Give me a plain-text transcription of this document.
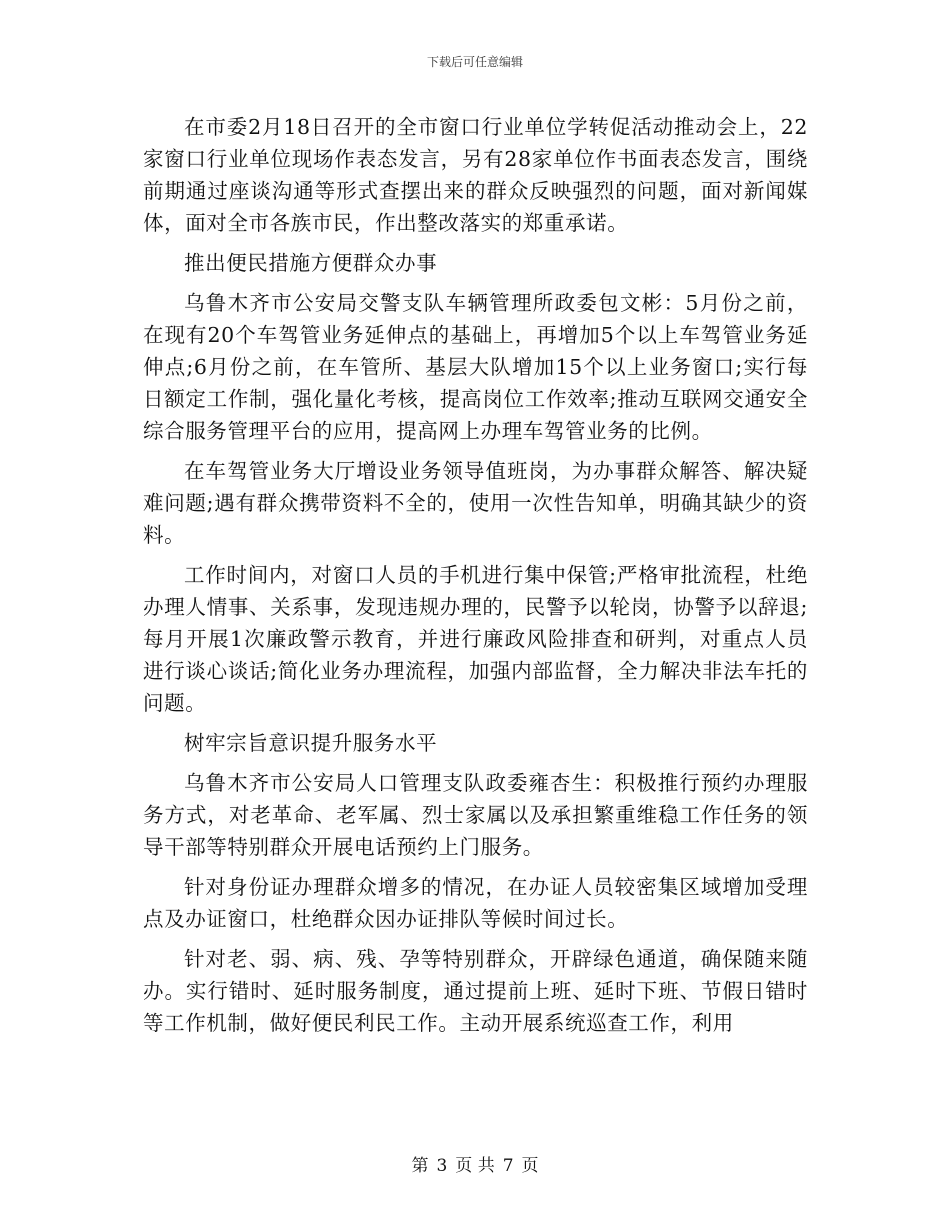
下载后可任意编辑

在市委2月18日召开的全市窗口行业单位学转促活动推动会上，22家窗口行业单位现场作表态发言，另有28家单位作书面表态发言，围绕前期通过座谈沟通等形式查摆出来的群众反映强烈的问题，面对新闻媒体，面对全市各族市民，作出整改落实的郑重承诺。

推出便民措施方便群众办事

乌鲁木齐市公安局交警支队车辆管理所政委包文彬：5月份之前，在现有20个车驾管业务延伸点的基础上，再增加5个以上车驾管业务延伸点;6月份之前，在车管所、基层大队增加15个以上业务窗口;实行每日额定工作制，强化量化考核，提高岗位工作效率;推动互联网交通安全综合服务管理平台的应用，提高网上办理车驾管业务的比例。

在车驾管业务大厅增设业务领导值班岗，为办事群众解答、解决疑难问题;遇有群众携带资料不全的，使用一次性告知单，明确其缺少的资料。

工作时间内，对窗口人员的手机进行集中保管;严格审批流程，杜绝办理人情事、关系事，发现违规办理的，民警予以轮岗，协警予以辞退;每月开展1次廉政警示教育，并进行廉政风险排查和研判，对重点人员进行谈心谈话;简化业务办理流程，加强内部监督，全力解决非法车托的问题。

树牢宗旨意识提升服务水平

乌鲁木齐市公安局人口管理支队政委雍杏生：积极推行预约办理服务方式，对老革命、老军属、烈士家属以及承担繁重维稳工作任务的领导干部等特别群众开展电话预约上门服务。

针对身份证办理群众增多的情况，在办证人员较密集区域增加受理点及办证窗口，杜绝群众因办证排队等候时间过长。

针对老、弱、病、残、孕等特别群众，开辟绿色通道，确保随来随办。实行错时、延时服务制度，通过提前上班、延时下班、节假日错时等工作机制，做好便民利民工作。主动开展系统巡查工作，利用

第 3 页 共 7 页
